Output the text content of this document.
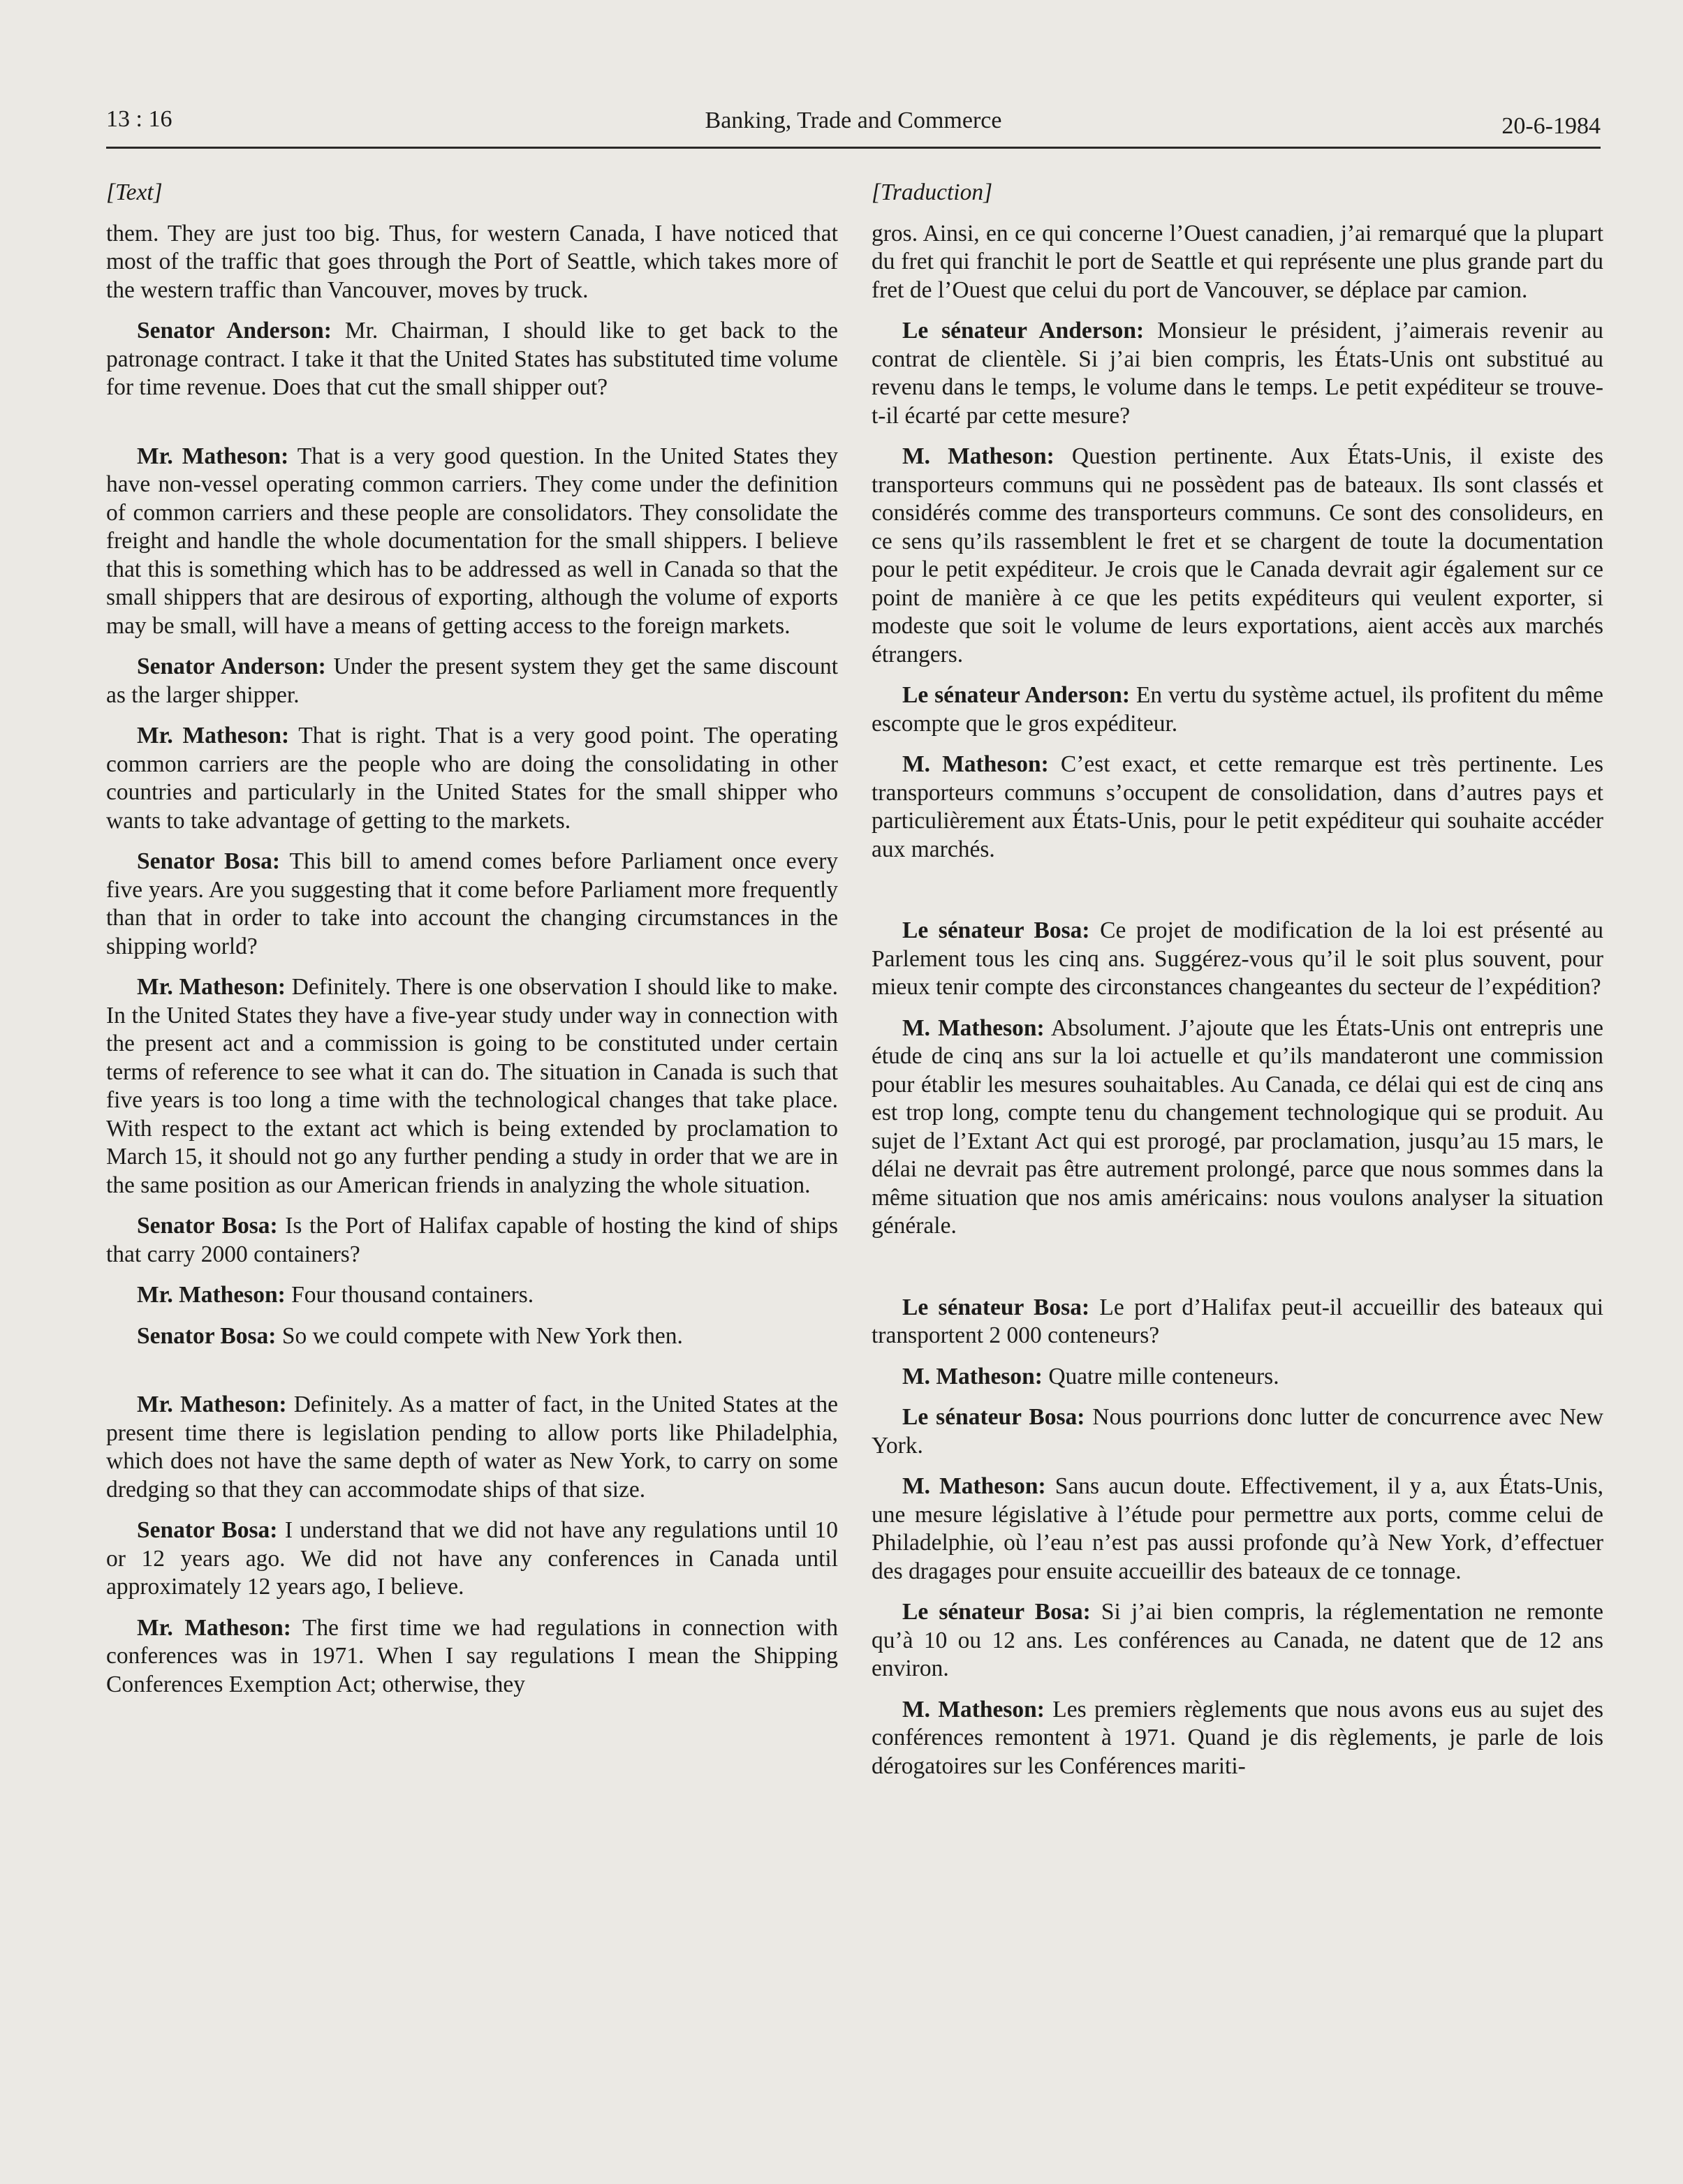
13 : 16	Banking, Trade and Commerce	20-6-1984
[Text]

them. They are just too big. Thus, for western Canada, I have noticed that most of the traffic that goes through the Port of Seattle, which takes more of the western traffic than Vancouver, moves by truck.

Senator Anderson: Mr. Chairman, I should like to get back to the patronage contract. I take it that the United States has substituted time volume for time revenue. Does that cut the small shipper out?

Mr. Matheson: That is a very good question. In the United States they have non-vessel operating common carriers. They come under the definition of common carriers and these people are consolidators. They consolidate the freight and handle the whole documentation for the small shippers. I believe that this is something which has to be addressed as well in Canada so that the small shippers that are desirous of exporting, although the volume of exports may be small, will have a means of getting access to the foreign markets.

Senator Anderson: Under the present system they get the same discount as the larger shipper.

Mr. Matheson: That is right. That is a very good point. The operating common carriers are the people who are doing the consolidating in other countries and particularly in the United States for the small shipper who wants to take advantage of getting to the markets.

Senator Bosa: This bill to amend comes before Parliament once every five years. Are you suggesting that it come before Parliament more frequently than that in order to take into account the changing circumstances in the shipping world?

Mr. Matheson: Definitely. There is one observation I should like to make. In the United States they have a five-year study under way in connection with the present act and a commission is going to be constituted under certain terms of reference to see what it can do. The situation in Canada is such that five years is too long a time with the technological changes that take place. With respect to the extant act which is being extended by proclamation to March 15, it should not go any further pending a study in order that we are in the same position as our American friends in analyzing the whole situation.

Senator Bosa: Is the Port of Halifax capable of hosting the kind of ships that carry 2000 containers?

Mr. Matheson: Four thousand containers.

Senator Bosa: So we could compete with New York then.

Mr. Matheson: Definitely. As a matter of fact, in the United States at the present time there is legislation pending to allow ports like Philadelphia, which does not have the same depth of water as New York, to carry on some dredging so that they can accommodate ships of that size.

Senator Bosa: I understand that we did not have any regulations until 10 or 12 years ago. We did not have any conferences in Canada until approximately 12 years ago, I believe.

Mr. Matheson: The first time we had regulations in connection with conferences was in 1971. When I say regulations I mean the Shipping Conferences Exemption Act; otherwise, they

[Traduction]

gros. Ainsi, en ce qui concerne l’Ouest canadien, j’ai remarqué que la plupart du fret qui franchit le port de Seattle et qui représente une plus grande part du fret de l’Ouest que celui du port de Vancouver, se déplace par camion.

Le sénateur Anderson: Monsieur le président, j’aimerais revenir au contrat de clientèle. Si j’ai bien compris, les États-Unis ont substitué au revenu dans le temps, le volume dans le temps. Le petit expéditeur se trouve-t-il écarté par cette mesure?

M. Matheson: Question pertinente. Aux États-Unis, il existe des transporteurs communs qui ne possèdent pas de bateaux. Ils sont classés et considérés comme des transporteurs communs. Ce sont des consolideurs, en ce sens qu’ils rassemblent le fret et se chargent de toute la documentation pour le petit expéditeur. Je crois que le Canada devrait agir également sur ce point de manière à ce que les petits expéditeurs qui veulent exporter, si modeste que soit le volume de leurs exportations, aient accès aux marchés étrangers.

Le sénateur Anderson: En vertu du système actuel, ils profitent du même escompte que le gros expéditeur.

M. Matheson: C’est exact, et cette remarque est très pertinente. Les transporteurs communs s’occupent de consolidation, dans d’autres pays et particulièrement aux États-Unis, pour le petit expéditeur qui souhaite accéder aux marchés.

Le sénateur Bosa: Ce projet de modification de la loi est présenté au Parlement tous les cinq ans. Suggérez-vous qu’il le soit plus souvent, pour mieux tenir compte des circonstances changeantes du secteur de l’expédition?

M. Matheson: Absolument. J’ajoute que les États-Unis ont entrepris une étude de cinq ans sur la loi actuelle et qu’ils mandateront une commission pour établir les mesures souhaitables. Au Canada, ce délai qui est de cinq ans est trop long, compte tenu du changement technologique qui se produit. Au sujet de l’Extant Act qui est prorogé, par proclamation, jusqu’au 15 mars, le délai ne devrait pas être autrement prolongé, parce que nous sommes dans la même situation que nos amis américains: nous voulons analyser la situation générale.

Le sénateur Bosa: Le port d’Halifax peut-il accueillir des bateaux qui transportent 2 000 conteneurs?

M. Matheson: Quatre mille conteneurs.

Le sénateur Bosa: Nous pourrions donc lutter de concurrence avec New York.

M. Matheson: Sans aucun doute. Effectivement, il y a, aux États-Unis, une mesure législative à l’étude pour permettre aux ports, comme celui de Philadelphie, où l’eau n’est pas aussi profonde qu’à New York, d’effectuer des dragages pour ensuite accueillir des bateaux de ce tonnage.

Le sénateur Bosa: Si j’ai bien compris, la réglementation ne remonte qu’à 10 ou 12 ans. Les conférences au Canada, ne datent que de 12 ans environ.

M. Matheson: Les premiers règlements que nous avons eus au sujet des conférences remontent à 1971. Quand je dis règlements, je parle de lois dérogatoires sur les Conférences mariti-
